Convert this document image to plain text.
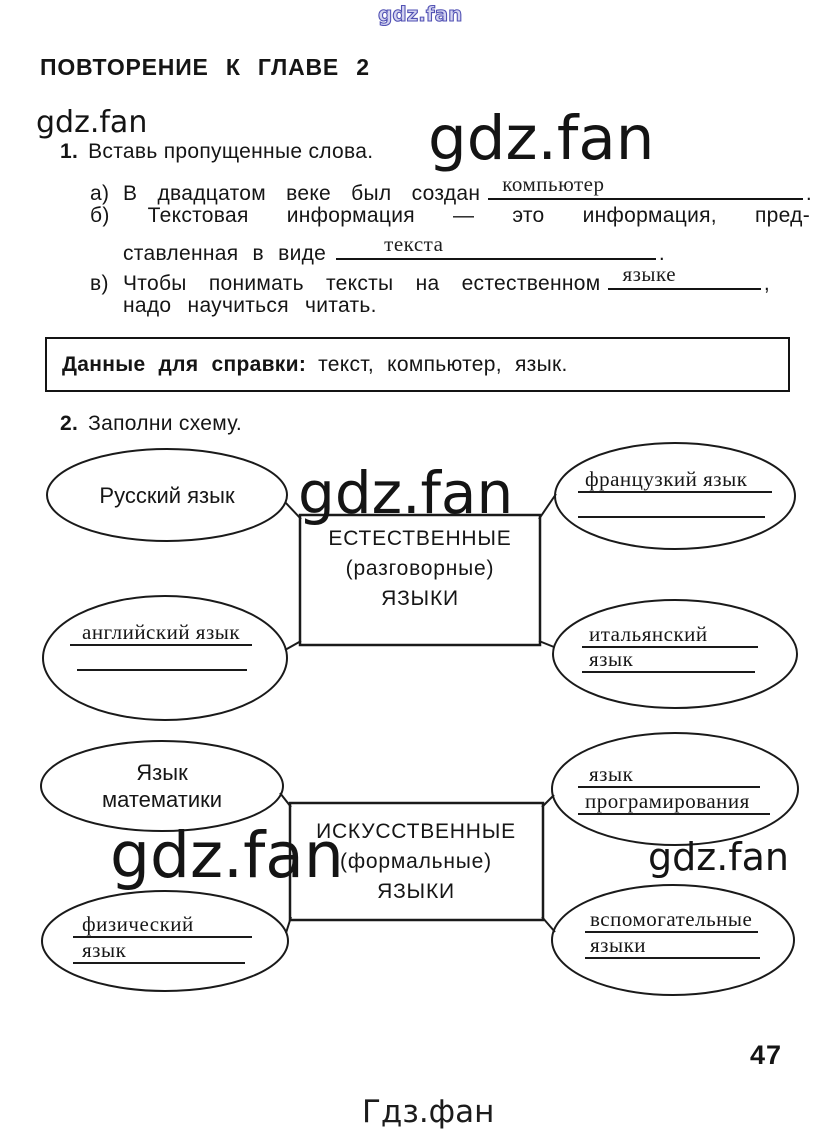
gdz.fan
ПОВТОРЕНИЕ К ГЛАВЕ 2
gdz.fan	gdz.fan
1. Вставь пропущенные слова.
а) В двадцатом веке был создан компьютер	.
б) Текстовая информация — это информация, пред-
ставленная в виде	текста	.
в) Чтобы понимать тексты на естественном языке	,
надо научиться читать.
Данные для справки: текст, компьютер, язык.
2. Заполни схему.
Русский язык
ЕСТЕСТВЕННЫЕ
(разговорные)
ЯЗЫКИ
французкий язык
английский язык	итальянский
язык
gdz.fan
Язык
математики
ИСКУССТВЕННЫЕ
(формальные)
ЯЗЫКИ
язык
програмирования
физический
язык
вспомогательные
языки
gdz.fan	gdz.fan
47
Гдз.фан
